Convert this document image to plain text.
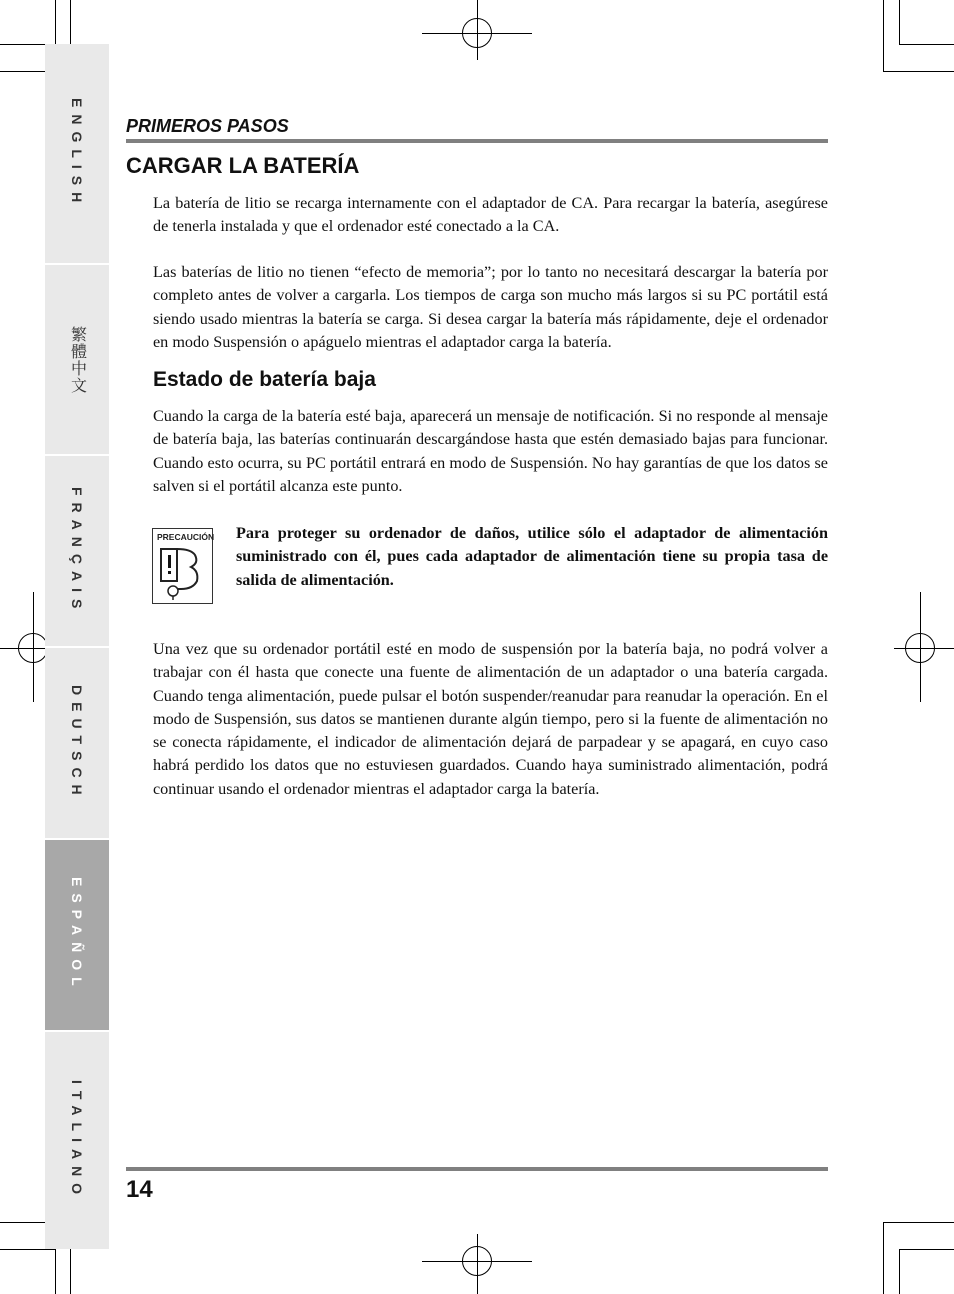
ENGLISH
繁體中文
FRANÇAIS
DEUTSCH
ESPAÑOL
ITALIANO
PRIMEROS PASOS
CARGAR LA BATERÍA

La batería de litio se recarga internamente con el adaptador de CA. Para recargar la batería, asegúrese de tenerla instalada y que el ordenador esté conectado a la CA.

Las baterías de litio no tienen “efecto de memoria”; por lo tanto no necesitará descargar la batería por completo antes de volver a cargarla. Los tiempos de carga son mucho más largos si su PC portátil está siendo usado mientras la batería se carga. Si desea cargar la batería más rápidamente, deje el ordenador en modo Suspensión o apáguelo mientras el adaptador carga la batería.

Estado de batería baja

Cuando la carga de la batería esté baja, aparecerá un mensaje de notificación. Si no responde al mensaje de batería baja, las baterías continuarán descargándose hasta que estén demasiado bajas para funcionar. Cuando esto ocurra, su PC portátil entrará en modo de Suspensión. No hay garantías de que los datos se salven si el portátil alcanza este punto.

PRECAUCIÓN Para proteger su ordenador de daños, utilice sólo el adaptador de alimentación suministrado con él, pues cada adaptador de alimentación tiene su propia tasa de salida de alimentación.

Una vez que su ordenador portátil esté en modo de suspensión por la batería baja, no podrá volver a trabajar con él hasta que conecte una fuente de alimentación de un adaptador o una batería cargada. Cuando tenga alimentación, puede pulsar el botón suspender/reanudar para reanudar la operación. En el modo de Suspensión, sus datos se mantienen durante algún tiempo, pero si la fuente de alimentación no se conecta rápidamente, el indicador de alimentación dejará de parpadear y se apagará, en cuyo caso habrá perdido los datos que no estuviesen guardados. Cuando haya suministrado alimentación, podrá continuar usando el ordenador mientras el adaptador carga la batería.

14
